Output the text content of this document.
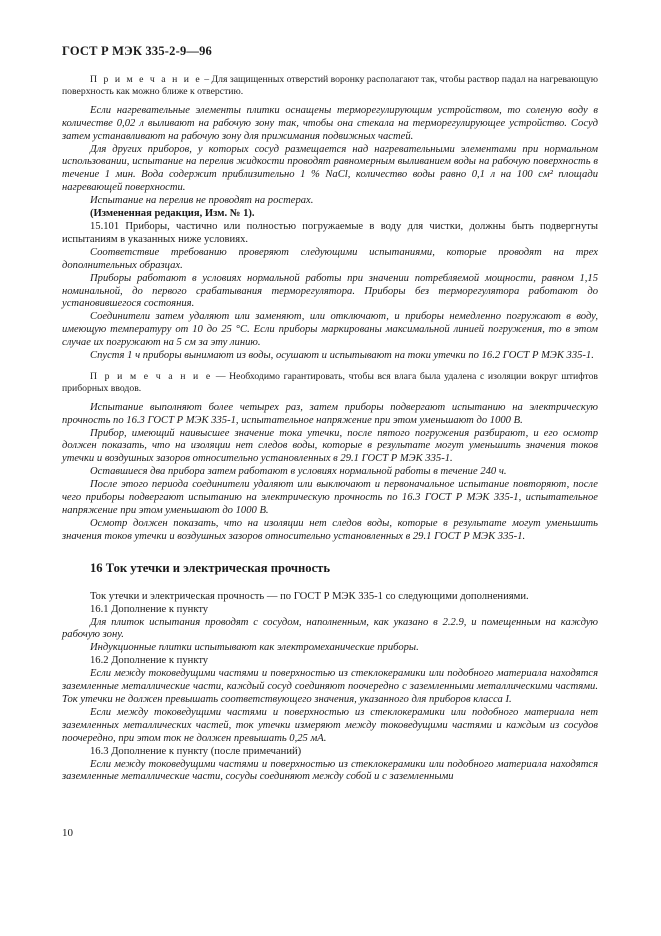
ГОСТ Р МЭК 335-2-9—96

П р и м е ч а н и е – Для защищенных отверстий воронку располагают так, чтобы раствор падал на нагревающую поверхность как можно ближе к отверстию.

Если нагревательные элементы плитки оснащены терморегулирующим устройством, то соленую воду в количестве 0,02 л выливают на рабочую зону так, чтобы она стекала на терморегулирующее устройство. Сосуд затем устанавливают на рабочую зону для прижимания подвижных частей.

Для других приборов, у которых сосуд размещается над нагревательными элементами при нормальном использовании, испытание на перелив жидкости проводят равномерным выливанием воды на рабочую поверхность в течение 1 мин. Вода содержит приблизительно 1 % NaCl, количество воды равно 0,1 л на 100 см² площади нагревающей поверхности.

Испытание на перелив не проводят на ростерах.

(Измененная редакция, Изм. № 1).

15.101 Приборы, частично или полностью погружаемые в воду для чистки, должны быть подвергнуты испытаниям в указанных ниже условиях.

Соответствие требованию проверяют следующими испытаниями, которые проводят на трех дополнительных образцах.

Приборы работают в условиях нормальной работы при значении потребляемой мощности, равном 1,15 номинальной, до первого срабатывания терморегулятора. Приборы без терморегулятора работают до установившегося состояния.

Соединители затем удаляют или заменяют, или отключают, и приборы немедленно погружают в воду, имеющую температуру от 10 до 25 °С. Если приборы маркированы максимальной линией погружения, то в этом случае их погружают на 5 см за эту линию.

Спустя 1 ч приборы вынимают из воды, осушают и испытывают на токи утечки по 16.2 ГОСТ Р МЭК 335-1.

П р и м е ч а н и е — Необходимо гарантировать, чтобы вся влага была удалена с изоляции вокруг штифтов приборных вводов.

Испытание выполняют более четырех раз, затем приборы подвергают испытанию на электрическую прочность по 16.3 ГОСТ Р МЭК 335-1, испытательное напряжение при этом уменьшают до 1000 В.

Прибор, имеющий наивысшее значение тока утечки, после пятого погружения разбирают, и его осмотр должен показать, что на изоляции нет следов воды, которые в результате могут уменьшить значения токов утечки и воздушных зазоров относительно установленных в 29.1 ГОСТ Р МЭК 335-1.

Оставшиеся два прибора затем работают в условиях нормальной работы в течение 240 ч.

После этого периода соединители удаляют или выключают и первоначальное испытание повторяют, после чего приборы подвергают испытанию на электрическую прочность по 16.3 ГОСТ Р МЭК 335-1, испытательное напряжение при этом уменьшают до 1000 В.

Осмотр должен показать, что на изоляции нет следов воды, которые в результате могут уменьшить значения токов утечки и воздушных зазоров относительно установленных в 29.1 ГОСТ Р МЭК 335-1.

16 Ток утечки и электрическая прочность

Ток утечки и электрическая прочность — по ГОСТ Р МЭК 335-1 со следующими дополнениями.

16.1 Дополнение к пункту

Для плиток испытания проводят с сосудом, наполненным, как указано в 2.2.9, и помещенным на каждую рабочую зону.

Индукционные плитки испытывают как электромеханические приборы.

16.2 Дополнение к пункту

Если между токоведущими частями и поверхностью из стеклокерамики или подобного материала находятся заземленные металлические части, каждый сосуд соединяют поочередно с заземленными металлическими частями. Ток утечки не должен превышать соответствующего значения, указанного для приборов класса I.

Если между токоведущими частями и поверхностью из стеклокерамики или подобного материала нет заземленных металлических частей, ток утечки измеряют между токоведущими частями и каждым из сосудов поочередно, при этом ток не должен превышать 0,25 мА.

16.3 Дополнение к пункту (после примечаний)

Если между токоведущими частями и поверхностью из стеклокерамики или подобного материала находятся заземленные металлические части, сосуды соединяют между собой и с заземленными

10
